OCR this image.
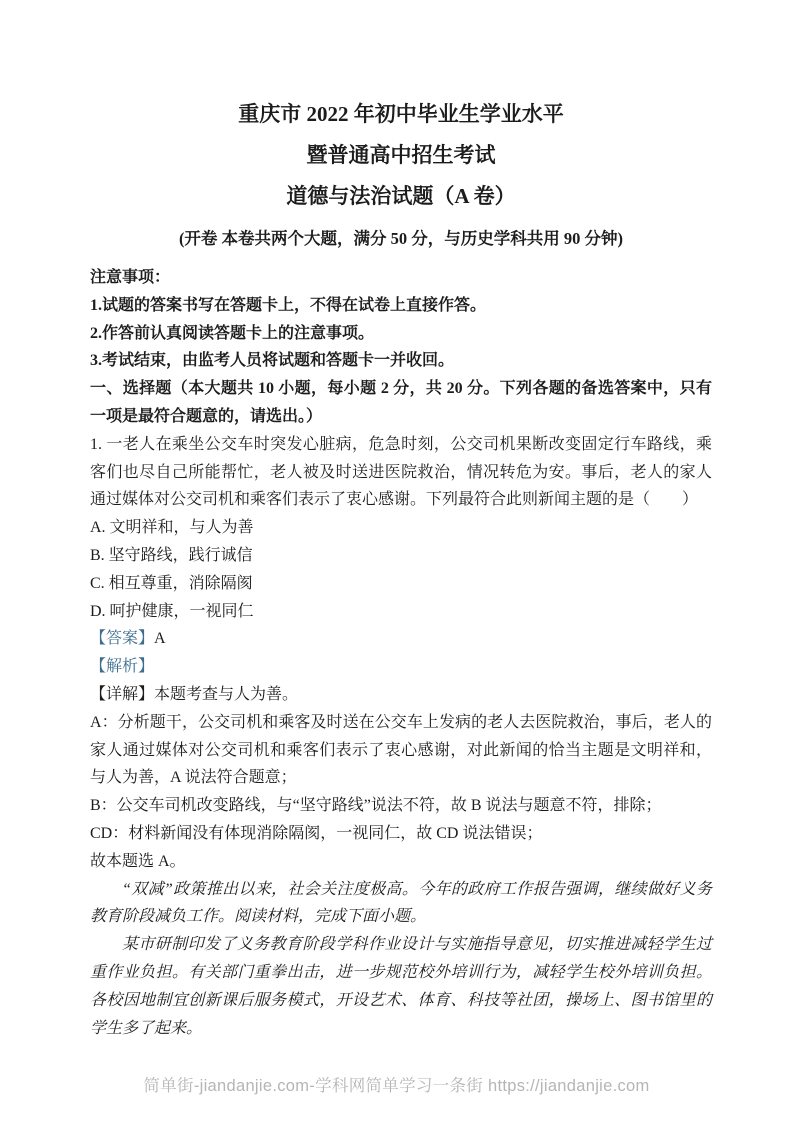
重庆市 2022 年初中毕业生学业水平
暨普通高中招生考试
道德与法治试题（A 卷）
(开卷 本卷共两个大题，满分 50 分，与历史学科共用 90 分钟)
注意事项：
1.试题的答案书写在答题卡上，不得在试卷上直接作答。
2.作答前认真阅读答题卡上的注意事项。
3.考试结束，由监考人员将试题和答题卡一并收回。
一、选择题（本大题共 10 小题，每小题 2 分，共 20 分。下列各题的备选答案中，只有一项是最符合题意的，请选出。）
1. 一老人在乘坐公交车时突发心脏病，危急时刻，公交司机果断改变固定行车路线，乘客们也尽自己所能帮忙，老人被及时送进医院救治，情况转危为安。事后，老人的家人通过媒体对公交司机和乘客们表示了衷心感谢。下列最符合此则新闻主题的是（　　）
A. 文明祥和，与人为善
B. 坚守路线，践行诚信
C. 相互尊重，消除隔阂
D. 呵护健康，一视同仁
【答案】A
【解析】
【详解】本题考查与人为善。
A：分析题干，公交司机和乘客及时送在公交车上发病的老人去医院救治，事后，老人的家人通过媒体对公交司机和乘客们表示了衷心感谢，对此新闻的恰当主题是文明祥和，与人为善，A 说法符合题意；
B：公交车司机改变路线，与“坚守路线”说法不符，故 B 说法与题意不符，排除；
CD：材料新闻没有体现消除隔阂，一视同仁，故 CD 说法错误；
故本题选 A。
“双减”政策推出以来，社会关注度极高。今年的政府工作报告强调，继续做好义务教育阶段减负工作。阅读材料，完成下面小题。
某市研制印发了义务教育阶段学科作业设计与实施指导意见，切实推进减轻学生过重作业负担。有关部门重拳出击，进一步规范校外培训行为，减轻学生校外培训负担。各校因地制宜创新课后服务模式，开设艺术、体育、科技等社团，操场上、图书馆里的学生多了起来。
简单街-jiandanjie.com-学科网简单学习一条街 https://jiandanjie.com
